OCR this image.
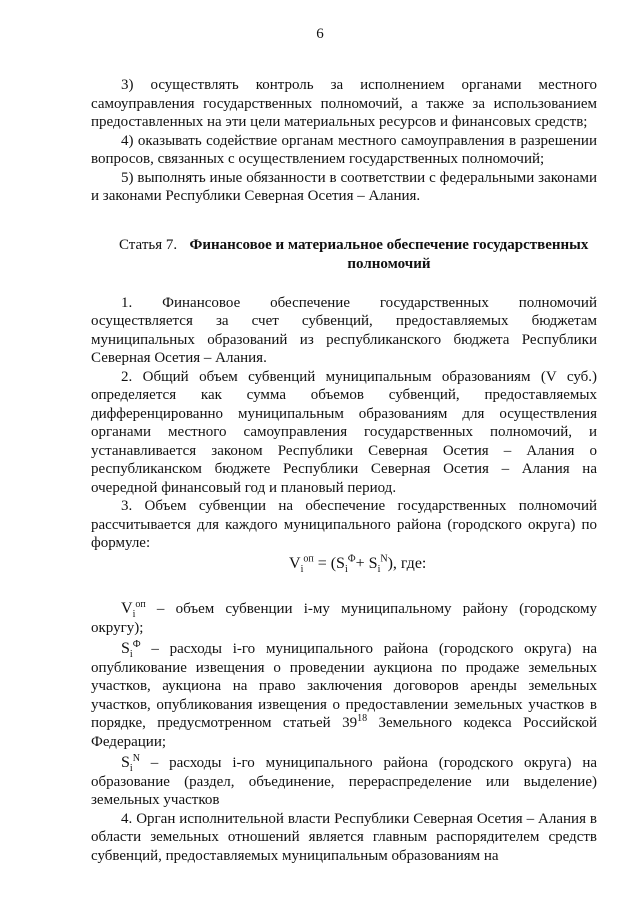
6

3) осуществлять контроль за исполнением органами местного самоуправления государственных полномочий, а также за использованием предоставленных на эти цели материальных ресурсов и финансовых средств;

4) оказывать содействие органам местного самоуправления в разрешении вопросов, связанных с осуществлением государственных полномочий;

5) выполнять иные обязанности в соответствии с федеральными законами и законами Республики Северная Осетия – Алания.

Статья 7. Финансовое и материальное обеспечение государственных полномочий

1. Финансовое обеспечение государственных полномочий осуществляется за счет субвенций, предоставляемых бюджетам муниципальных образований из республиканского бюджета Республики Северная Осетия – Алания.

2. Общий объем субвенций муниципальным образованиям (V суб.) определяется как сумма объемов субвенций, предоставляемых дифференцированно муниципальным образованиям для осуществления органами местного самоуправления государственных полномочий, и устанавливается законом Республики Северная Осетия – Алания о республиканском бюджете Республики Северная Осетия – Алания на очередной финансовый год и плановый период.

3. Объем субвенции на обеспечение государственных полномочий рассчитывается для каждого муниципального района (городского округа) по формуле:

$V_i^{оп} = (S_i^Ф+ S_i^N)$, где:

$V_i^{оп}$ – объем субвенции i-му муниципальному району (городскому округу);

$S_i^Ф$ – расходы i-го муниципального района (городского округа) на опубликование извещения о проведении аукциона по продаже земельных участков, аукциона на право заключения договоров аренды земельных участков, опубликования извещения о предоставлении земельных участков в порядке, предусмотренном статьей $39^{18}$ Земельного кодекса Российской Федерации;

$S_i^N$ – расходы i-го муниципального района (городского округа) на образование (раздел, объединение, перераспределение или выделение) земельных участков

4. Орган исполнительной власти Республики Северная Осетия – Алания в области земельных отношений является главным распорядителем средств субвенций, предоставляемых муниципальным образованиям на
